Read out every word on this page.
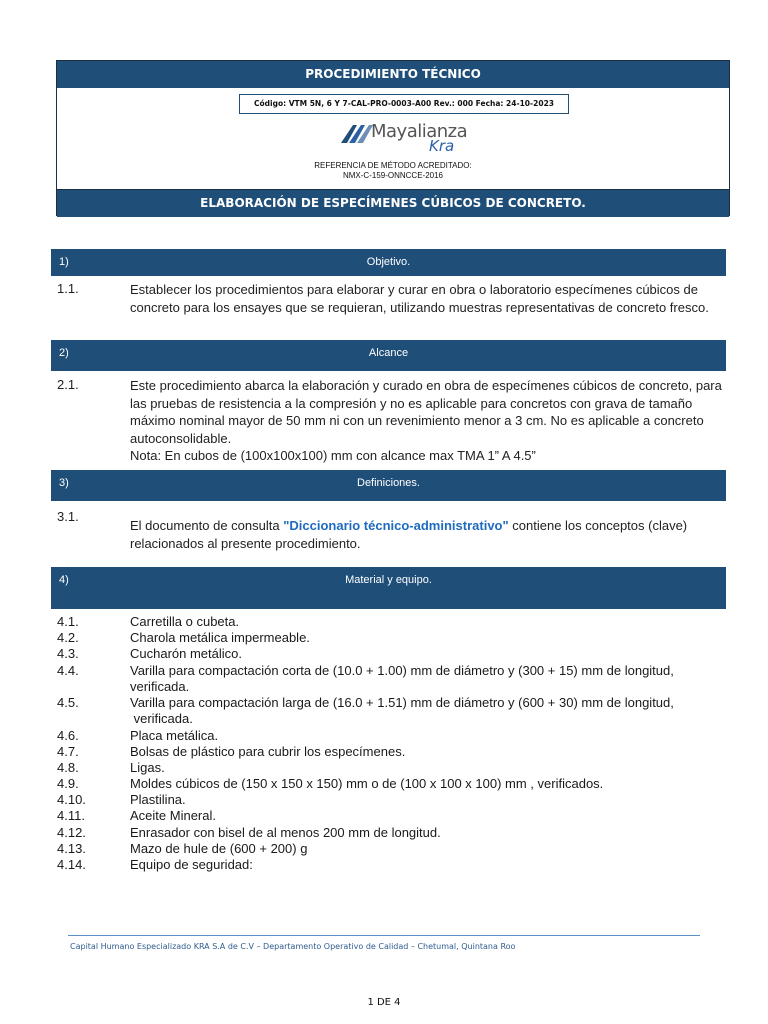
PROCEDIMIENTO TÉCNICO
Código: VTM 5N, 6 Y 7-CAL-PRO-0003-A00 Rev.: 000 Fecha: 24-10-2023
Mayalianza
Kra
REFERENCIA DE MÉTODO ACREDITADO:
NMX-C-159-ONNCCE-2016
ELABORACIÓN DE ESPECÍMENES CÚBICOS DE CONCRETO.
1)	Objetivo.
1.1.	Establecer los procedimientos para elaborar y curar en obra o laboratorio especímenes cúbicos de concreto para los ensayes que se requieran, utilizando muestras representativas de concreto fresco.
2)	Alcance
2.1.	Este procedimiento abarca la elaboración y curado en obra de especímenes cúbicos de concreto, para las pruebas de resistencia a la compresión y no es aplicable para concretos con grava de tamaño máximo nominal mayor de 50 mm ni con un revenimiento menor a 3 cm. No es aplicable a concreto autoconsolidable.
Nota: En cubos de (100x100x100) mm con alcance max TMA 1” A 4.5”
3)	Definiciones.
3.1.
El documento de consulta "Diccionario técnico-administrativo" contiene los conceptos (clave) relacionados al presente procedimiento.
4)	Material y equipo.
4.1.	Carretilla o cubeta.
4.2.	Charola metálica impermeable.
4.3.	Cucharón metálico.
4.4.	Varilla para compactación corta de (10.0 + 1.00) mm de diámetro y (300 + 15) mm de longitud,
verificada.
4.5.	Varilla para compactación larga de (16.0 + 1.51) mm de diámetro y (600 + 30) mm de longitud,
verificada.
4.6.	Placa metálica.
4.7.	Bolsas de plástico para cubrir los especímenes.
4.8.	Ligas.
4.9.	Moldes cúbicos de (150 x 150 x 150) mm o de (100 x 100 x 100) mm , verificados.
4.10.	Plastilina.
4.11.	Aceite Mineral.
4.12.	Enrasador con bisel de al menos 200 mm de longitud.
4.13.	Mazo de hule de (600 + 200) g
4.14.	Equipo de seguridad:
Capital Humano Especializado KRA S.A de C.V – Departamento Operativo de Calidad – Chetumal, Quintana Roo
1 DE 4
